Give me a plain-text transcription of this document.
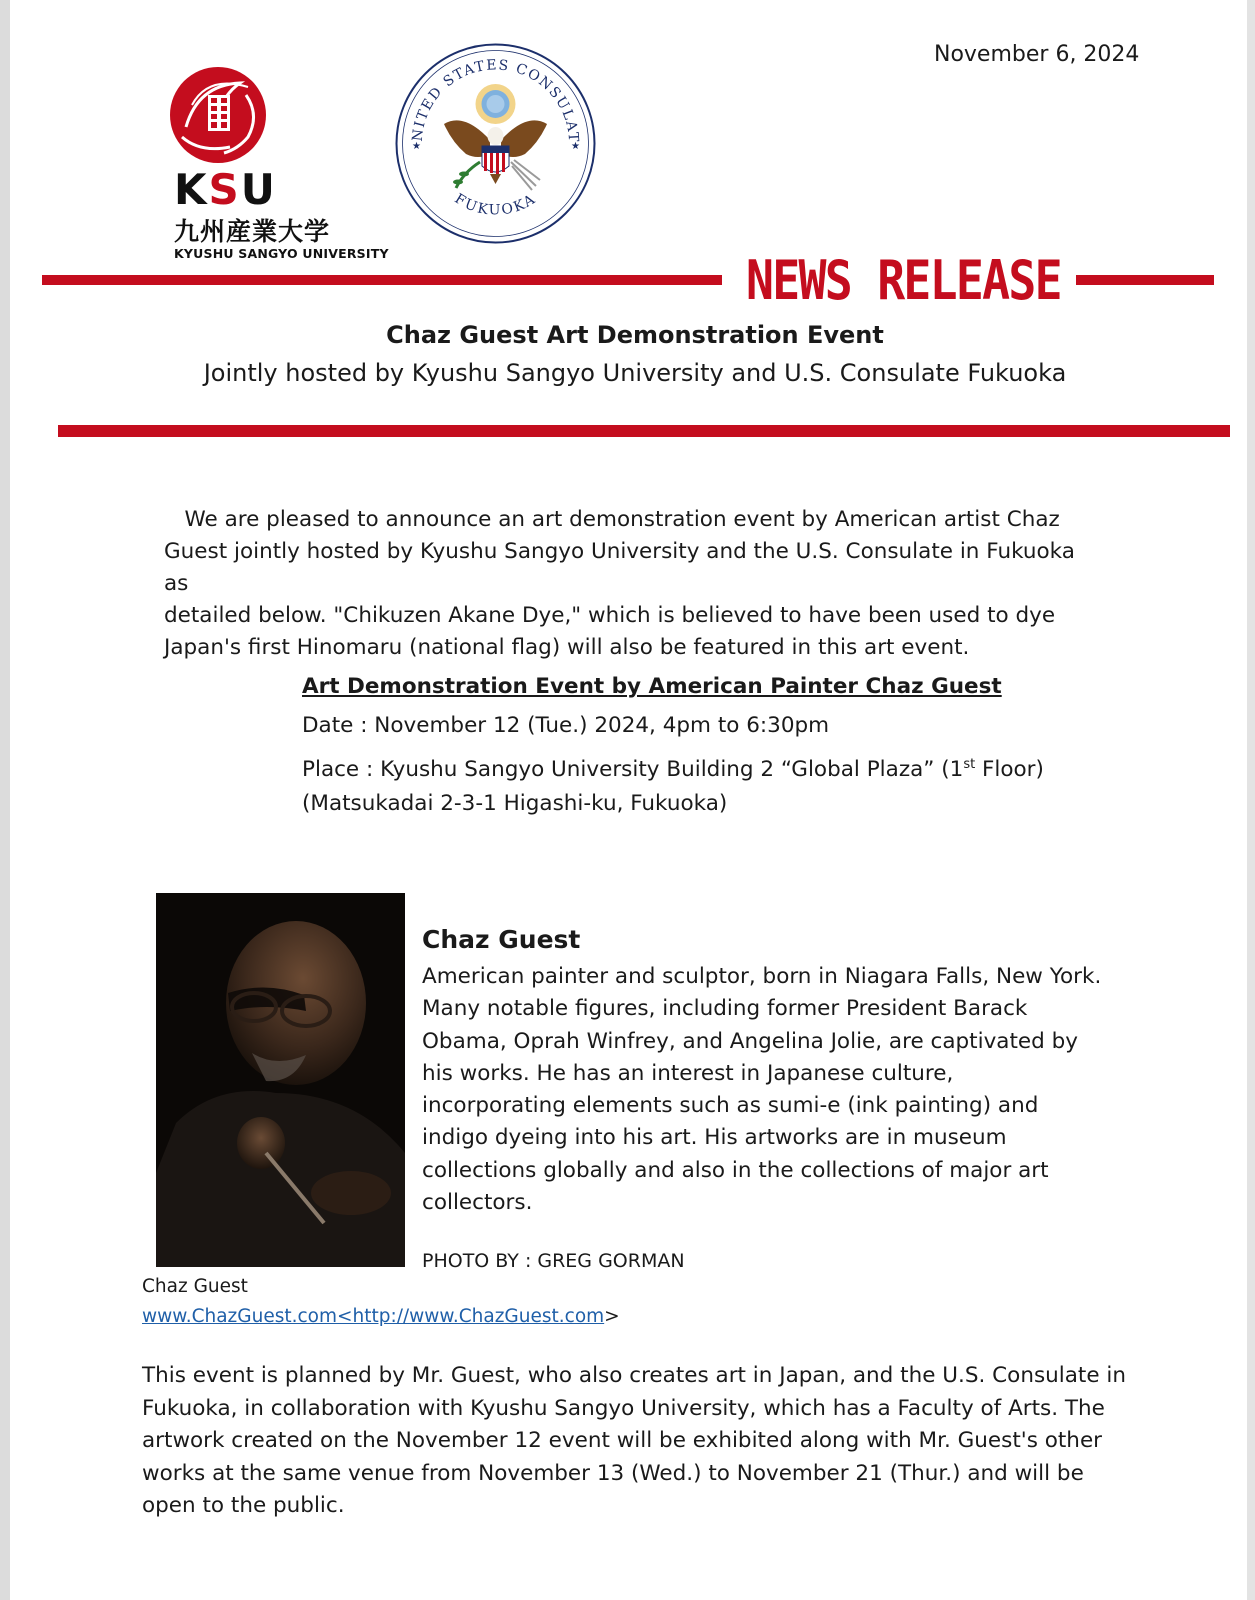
November 6, 2024
KSU
九州産業大学
KYUSHU SANGYO UNIVERSITY
NITED STATES CONSULAT
FUKUOKA
★	★
NEWS RELEASE
Chaz Guest Art Demonstration Event
Jointly hosted by Kyushu Sangyo University and U.S. Consulate Fukuoka

We are pleased to announce an art demonstration event by American artist Chaz

Guest jointly hosted by Kyushu Sangyo University and the U.S. Consulate in Fukuoka as

detailed below. "Chikuzen Akane Dye," which is believed to have been used to dye

Japan's first Hinomaru (national flag) will also be featured in this art event.

Art Demonstration Event by American Painter Chaz Guest
Date : November 12 (Tue.) 2024, 4pm to 6:30pm
Place : Kyushu Sangyo University Building 2 “Global Plaza” (1st Floor)
(Matsukadai 2-3-1 Higashi-ku, Fukuoka)
Chaz Guest
American painter and sculptor, born in Niagara Falls, New York.
Many notable figures, including former President Barack
Obama, Oprah Winfrey, and Angelina Jolie, are captivated by
his works. He has an interest in Japanese culture,
incorporating elements such as sumi-e (ink painting) and
indigo dyeing into his art. His artworks are in museum
collections globally and also in the collections of major art
collectors.
PHOTO BY : GREG GORMAN
Chaz Guest
www.ChazGuest.com<http://www.ChazGuest.com>
This event is planned by Mr. Guest, who also creates art in Japan, and the U.S. Consulate in
Fukuoka, in collaboration with Kyushu Sangyo University, which has a Faculty of Arts. The
artwork created on the November 12 event will be exhibited along with Mr. Guest's other
works at the same venue from November 13 (Wed.) to November 21 (Thur.) and will be
open to the public.
